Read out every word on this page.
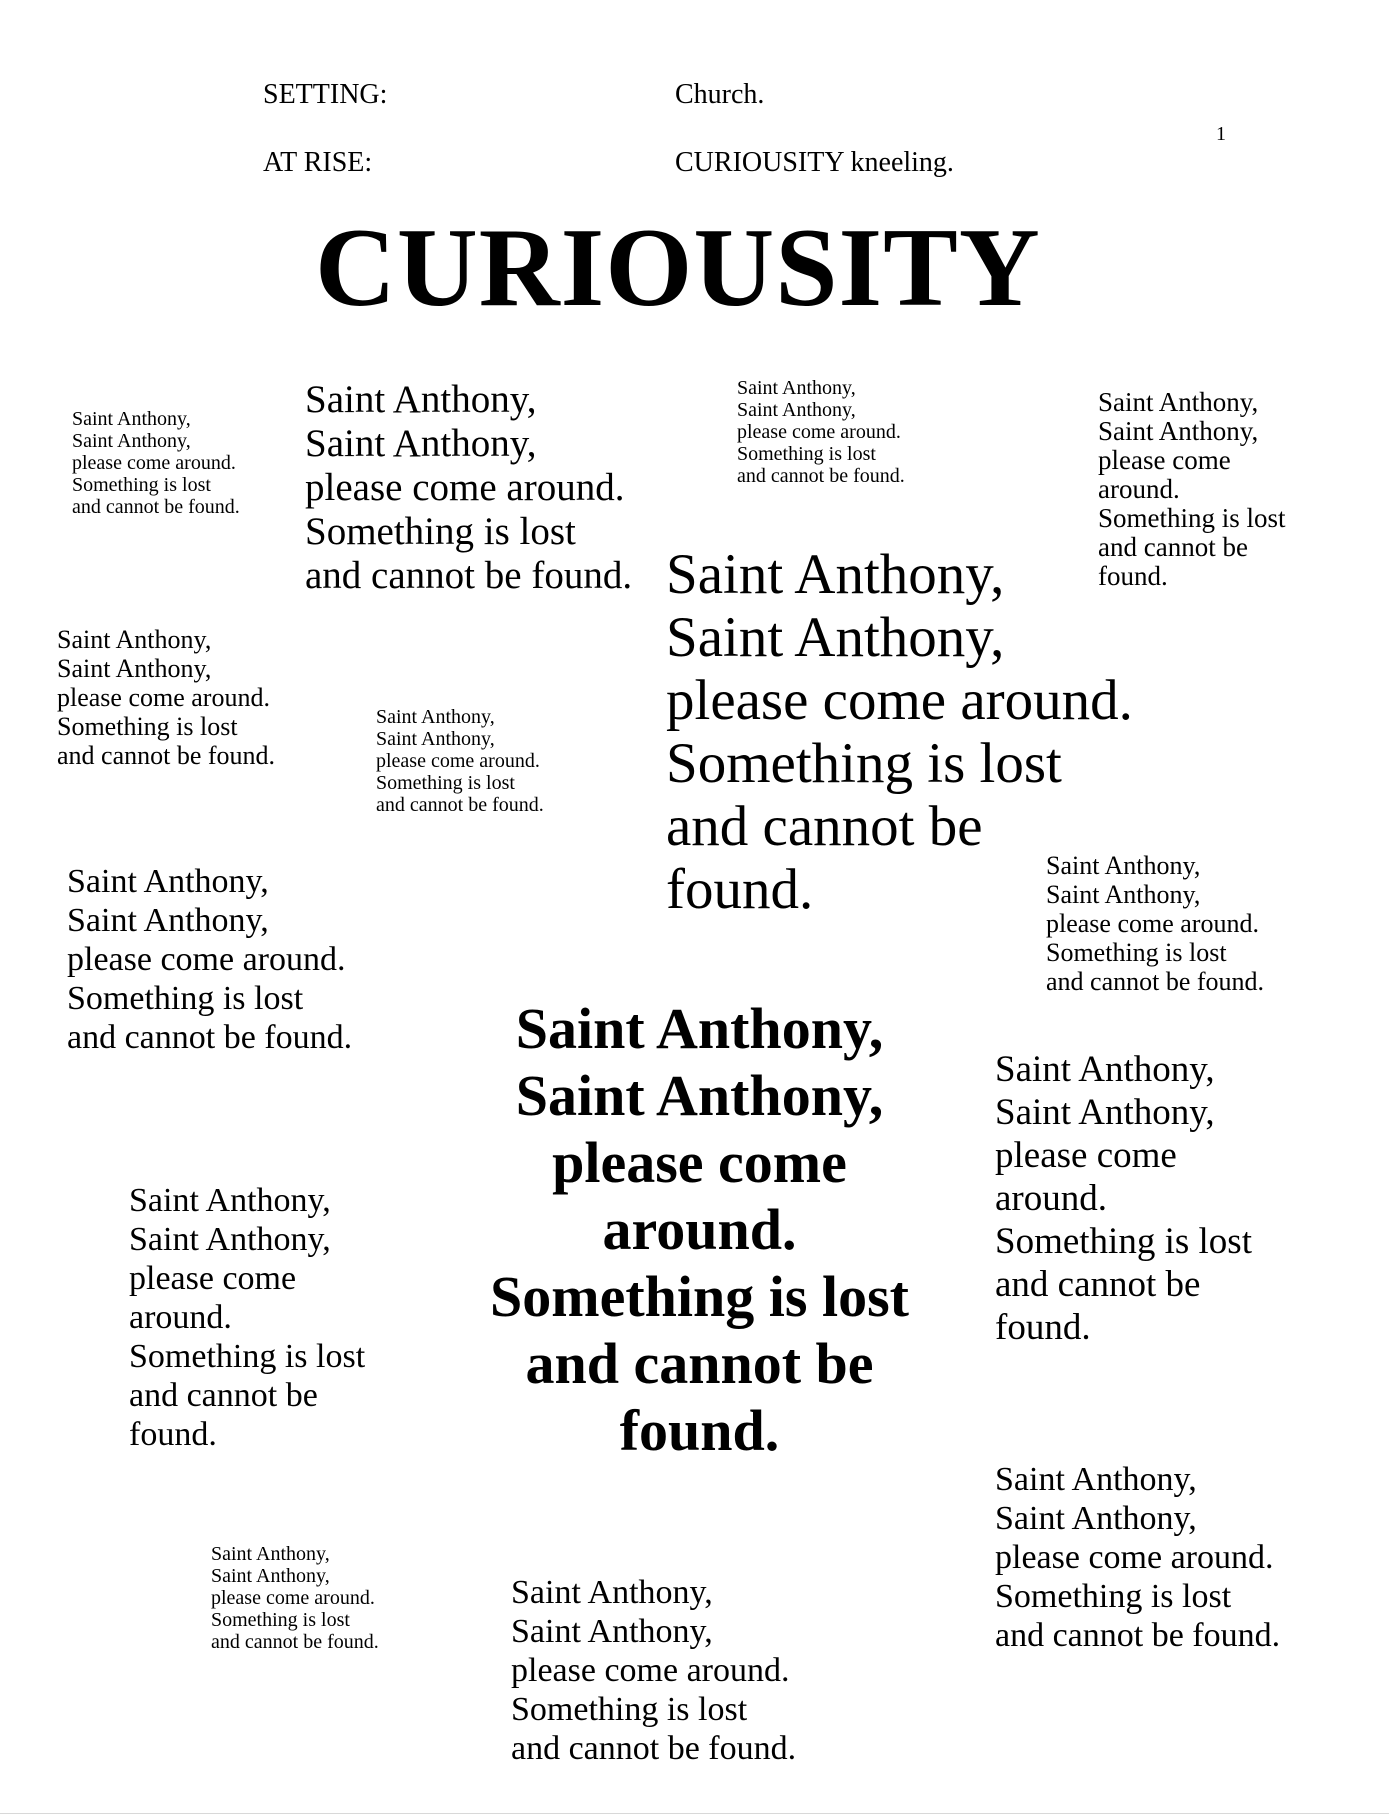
SETTING:	Church.
1
AT RISE:	CURIOUSITY kneeling.
CURIOUSITY
Saint Anthony,
Saint Anthony,
please come around.
Something is lost
and cannot be found.
Saint Anthony,
Saint Anthony,
please come around.
Something is lost
and cannot be found.
Saint Anthony,
Saint Anthony,
please come around.
Something is lost
and cannot be found.
Saint Anthony,
Saint Anthony,
please come
around.
Something is lost
and cannot be
found.
Saint Anthony,
Saint Anthony,
please come around.
Something is lost
and cannot be
found.
Saint Anthony,
Saint Anthony,
please come around.
Something is lost
and cannot be found.
Saint Anthony,
Saint Anthony,
please come around.
Something is lost
and cannot be found.
Saint Anthony,
Saint Anthony,
please come around.
Something is lost
and cannot be found.
Saint Anthony,
Saint Anthony,
please come around.
Something is lost
and cannot be found.
Saint Anthony,
Saint Anthony,
please come
around.
Something is lost
and cannot be
found.
Saint Anthony,
Saint Anthony,
please come
around.
Something is lost
and cannot be
found.
Saint Anthony,
Saint Anthony,
please come
around.
Something is lost
and cannot be
found.
Saint Anthony,
Saint Anthony,
please come around.
Something is lost
and cannot be found.
Saint Anthony,
Saint Anthony,
please come around.
Something is lost
and cannot be found.
Saint Anthony,
Saint Anthony,
please come around.
Something is lost
and cannot be found.
